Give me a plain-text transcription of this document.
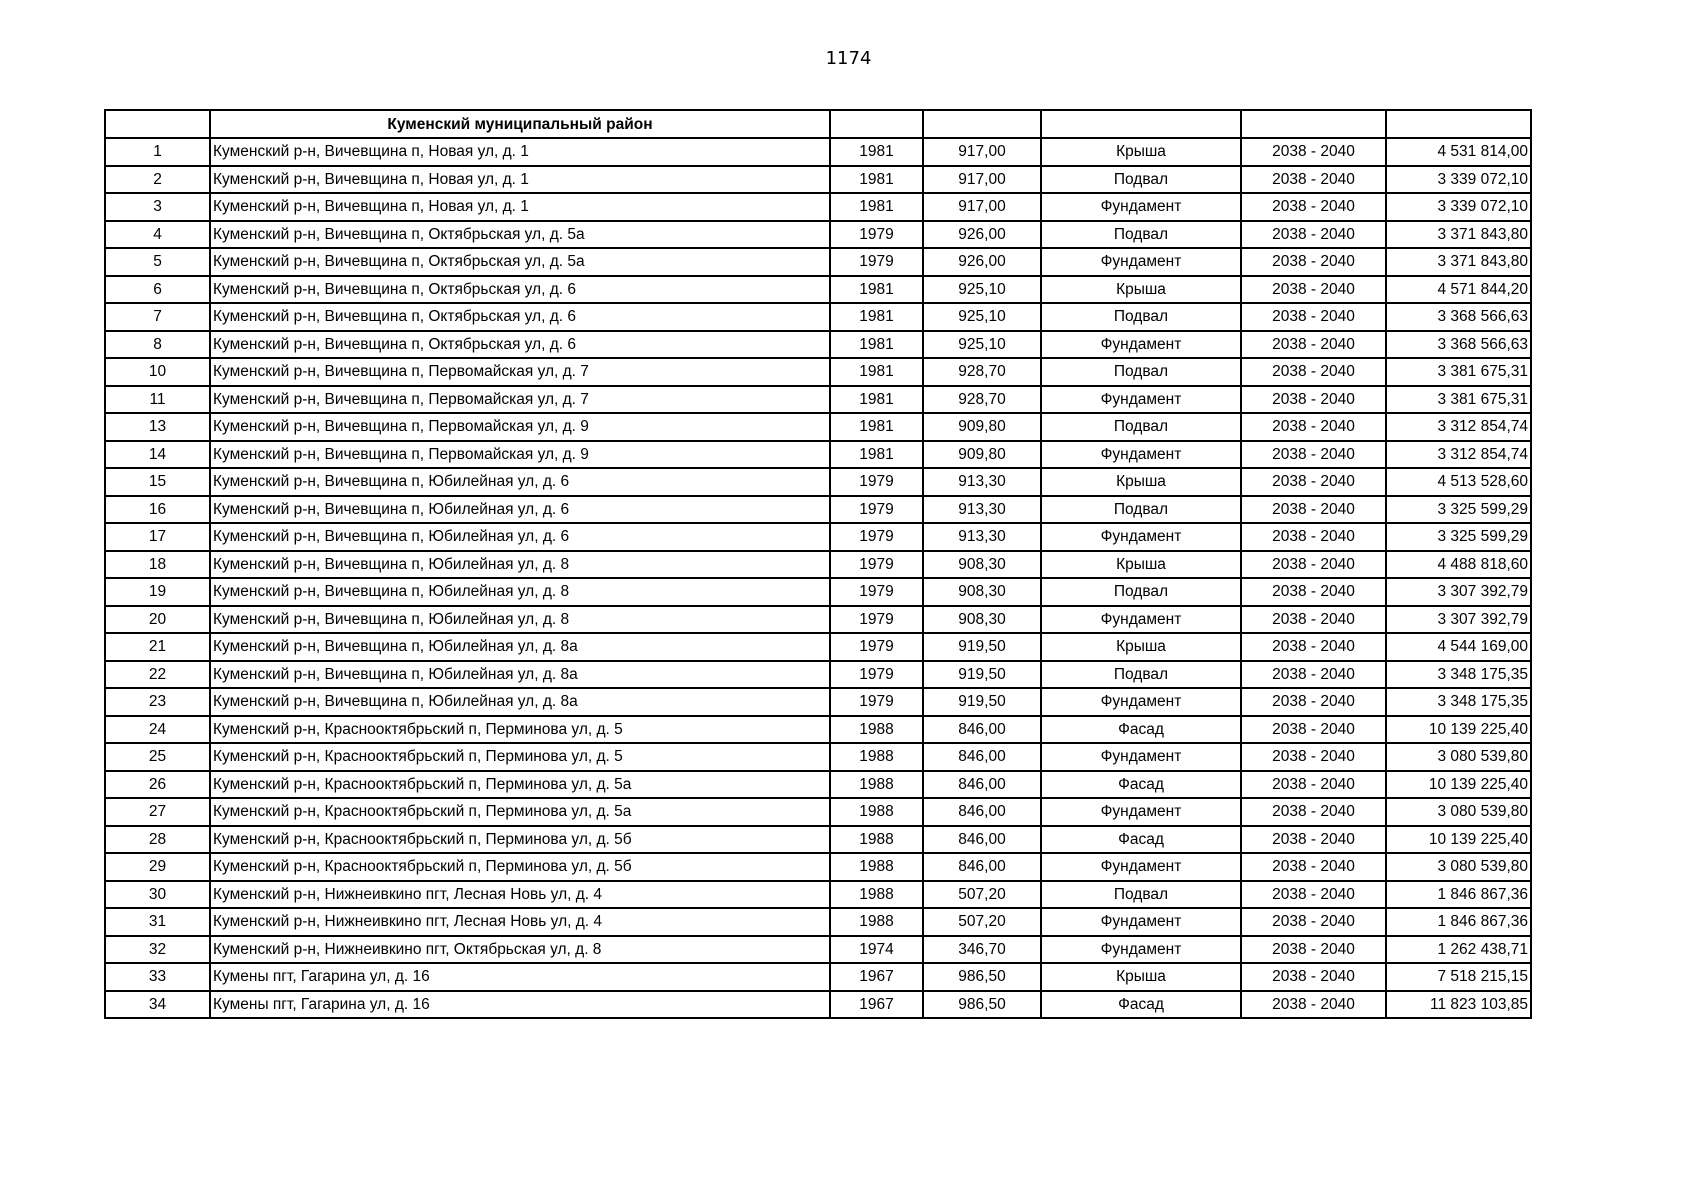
1174
	Куменский муниципальный район					
1	Куменский р-н, Вичевщина п, Новая ул, д. 1	1981	917,00	Крыша	2038 - 2040	4 531 814,00
2	Куменский р-н, Вичевщина п, Новая ул, д. 1	1981	917,00	Подвал	2038 - 2040	3 339 072,10
3	Куменский р-н, Вичевщина п, Новая ул, д. 1	1981	917,00	Фундамент	2038 - 2040	3 339 072,10
4	Куменский р-н, Вичевщина п, Октябрьская ул, д. 5а	1979	926,00	Подвал	2038 - 2040	3 371 843,80
5	Куменский р-н, Вичевщина п, Октябрьская ул, д. 5а	1979	926,00	Фундамент	2038 - 2040	3 371 843,80
6	Куменский р-н, Вичевщина п, Октябрьская ул, д. 6	1981	925,10	Крыша	2038 - 2040	4 571 844,20
7	Куменский р-н, Вичевщина п, Октябрьская ул, д. 6	1981	925,10	Подвал	2038 - 2040	3 368 566,63
8	Куменский р-н, Вичевщина п, Октябрьская ул, д. 6	1981	925,10	Фундамент	2038 - 2040	3 368 566,63
10	Куменский р-н, Вичевщина п, Первомайская ул, д. 7	1981	928,70	Подвал	2038 - 2040	3 381 675,31
11	Куменский р-н, Вичевщина п, Первомайская ул, д. 7	1981	928,70	Фундамент	2038 - 2040	3 381 675,31
13	Куменский р-н, Вичевщина п, Первомайская ул, д. 9	1981	909,80	Подвал	2038 - 2040	3 312 854,74
14	Куменский р-н, Вичевщина п, Первомайская ул, д. 9	1981	909,80	Фундамент	2038 - 2040	3 312 854,74
15	Куменский р-н, Вичевщина п, Юбилейная ул, д. 6	1979	913,30	Крыша	2038 - 2040	4 513 528,60
16	Куменский р-н, Вичевщина п, Юбилейная ул, д. 6	1979	913,30	Подвал	2038 - 2040	3 325 599,29
17	Куменский р-н, Вичевщина п, Юбилейная ул, д. 6	1979	913,30	Фундамент	2038 - 2040	3 325 599,29
18	Куменский р-н, Вичевщина п, Юбилейная ул, д. 8	1979	908,30	Крыша	2038 - 2040	4 488 818,60
19	Куменский р-н, Вичевщина п, Юбилейная ул, д. 8	1979	908,30	Подвал	2038 - 2040	3 307 392,79
20	Куменский р-н, Вичевщина п, Юбилейная ул, д. 8	1979	908,30	Фундамент	2038 - 2040	3 307 392,79
21	Куменский р-н, Вичевщина п, Юбилейная ул, д. 8а	1979	919,50	Крыша	2038 - 2040	4 544 169,00
22	Куменский р-н, Вичевщина п, Юбилейная ул, д. 8а	1979	919,50	Подвал	2038 - 2040	3 348 175,35
23	Куменский р-н, Вичевщина п, Юбилейная ул, д. 8а	1979	919,50	Фундамент	2038 - 2040	3 348 175,35
24	Куменский р-н, Краснооктябрьский п, Перминова ул, д. 5	1988	846,00	Фасад	2038 - 2040	10 139 225,40
25	Куменский р-н, Краснооктябрьский п, Перминова ул, д. 5	1988	846,00	Фундамент	2038 - 2040	3 080 539,80
26	Куменский р-н, Краснооктябрьский п, Перминова ул, д. 5а	1988	846,00	Фасад	2038 - 2040	10 139 225,40
27	Куменский р-н, Краснооктябрьский п, Перминова ул, д. 5а	1988	846,00	Фундамент	2038 - 2040	3 080 539,80
28	Куменский р-н, Краснооктябрьский п, Перминова ул, д. 5б	1988	846,00	Фасад	2038 - 2040	10 139 225,40
29	Куменский р-н, Краснооктябрьский п, Перминова ул, д. 5б	1988	846,00	Фундамент	2038 - 2040	3 080 539,80
30	Куменский р-н, Нижнеивкино пгт, Лесная Новь ул, д. 4	1988	507,20	Подвал	2038 - 2040	1 846 867,36
31	Куменский р-н, Нижнеивкино пгт, Лесная Новь ул, д. 4	1988	507,20	Фундамент	2038 - 2040	1 846 867,36
32	Куменский р-н, Нижнеивкино пгт, Октябрьская ул, д. 8	1974	346,70	Фундамент	2038 - 2040	1 262 438,71
33	Кумены пгт, Гагарина ул, д. 16	1967	986,50	Крыша	2038 - 2040	7 518 215,15
34	Кумены пгт, Гагарина ул, д. 16	1967	986,50	Фасад	2038 - 2040	11 823 103,85
